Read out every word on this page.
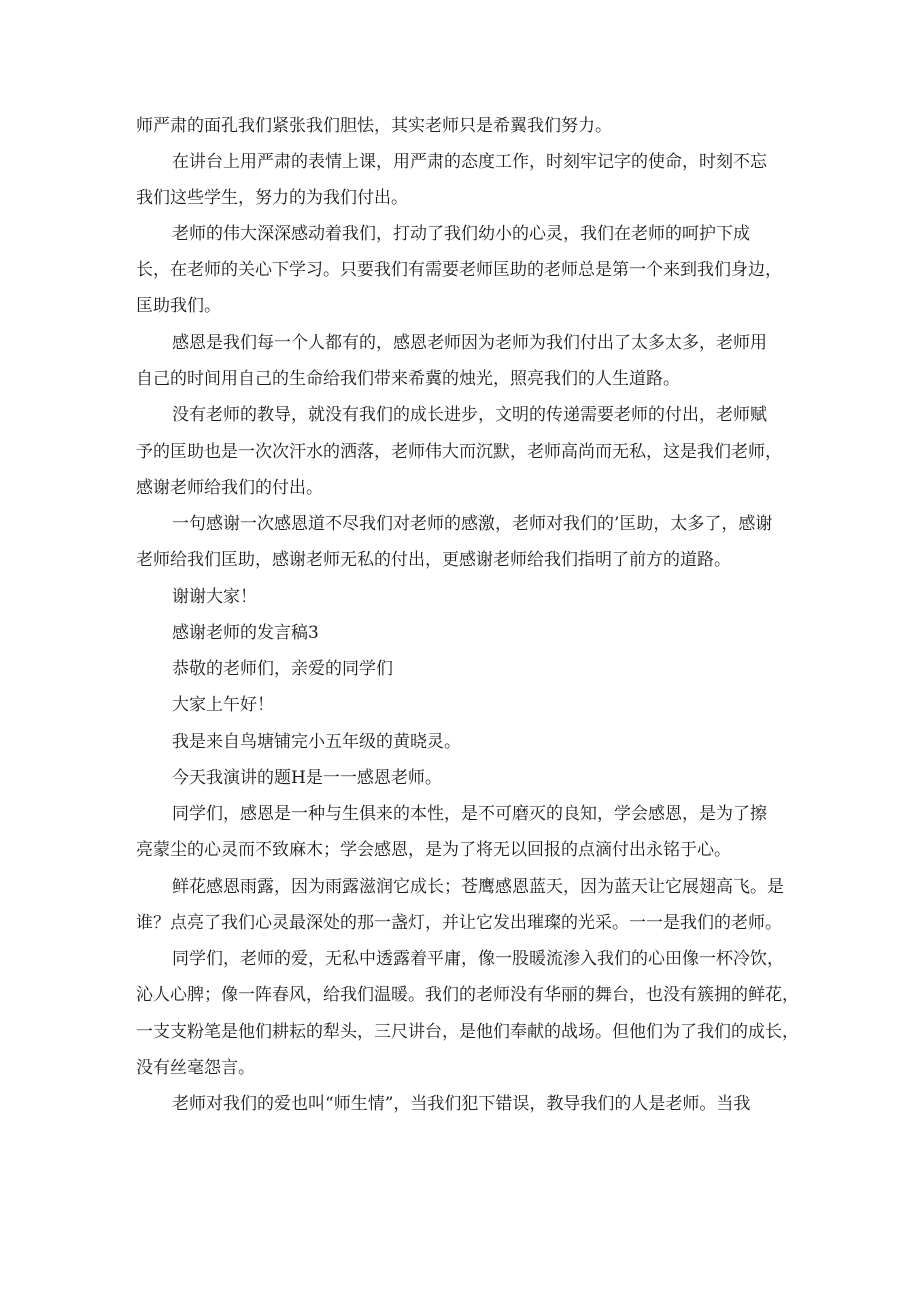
师严肃的面孔我们紧张我们胆怯，其实老师只是希翼我们努力。
在讲台上用严肃的表情上课，用严肃的态度工作，时刻牢记字的使命，时刻不忘
我们这些学生，努力的为我们付出。
老师的伟大深深感动着我们，打动了我们幼小的心灵，我们在老师的呵护下成
长，在老师的关心下学习。只要我们有需要老师匡助的老师总是第一个来到我们身边，
匡助我们。
感恩是我们每一个人都有的，感恩老师因为老师为我们付出了太多太多，老师用
自己的时间用自己的生命给我们带来希冀的烛光，照亮我们的人生道路。
没有老师的教导，就没有我们的成长进步，文明的传递需要老师的付出，老师赋
予的匡助也是一次次汗水的洒落，老师伟大而沉默，老师高尚而无私，这是我们老师，
感谢老师给我们的付出。
一句感谢一次感恩道不尽我们对老师的感激，老师对我们的’匡助，太多了，感谢
老师给我们匡助，感谢老师无私的付出，更感谢老师给我们指明了前方的道路。
谢谢大家！
感谢老师的发言稿3
恭敬的老师们，亲爱的同学们
大家上午好！
我是来自鸟塘铺完小五年级的黄晓灵。
今天我演讲的题H是一一感恩老师。
同学们，感恩是一种与生俱来的本性，是不可磨灭的良知，学会感恩，是为了擦
亮蒙尘的心灵而不致麻木；学会感恩，是为了将无以回报的点滴付出永铭于心。
鲜花感恩雨露，因为雨露滋润它成长；苍鹰感恩蓝天，因为蓝天让它展翅高飞。是
谁？点亮了我们心灵最深处的那一盏灯，并让它发出璀璨的光采。一一是我们的老师。
同学们，老师的爱，无私中透露着平庸，像一股暖流渗入我们的心田像一杯冷饮，
沁人心脾；像一阵春风，给我们温暖。我们的老师没有华丽的舞台，也没有簇拥的鲜花，
一支支粉笔是他们耕耘的犁头，三尺讲台，是他们奉献的战场。但他们为了我们的成长，
没有丝毫怨言。
老师对我们的爱也叫“师生情”，当我们犯下错误，教导我们的人是老师。当我
